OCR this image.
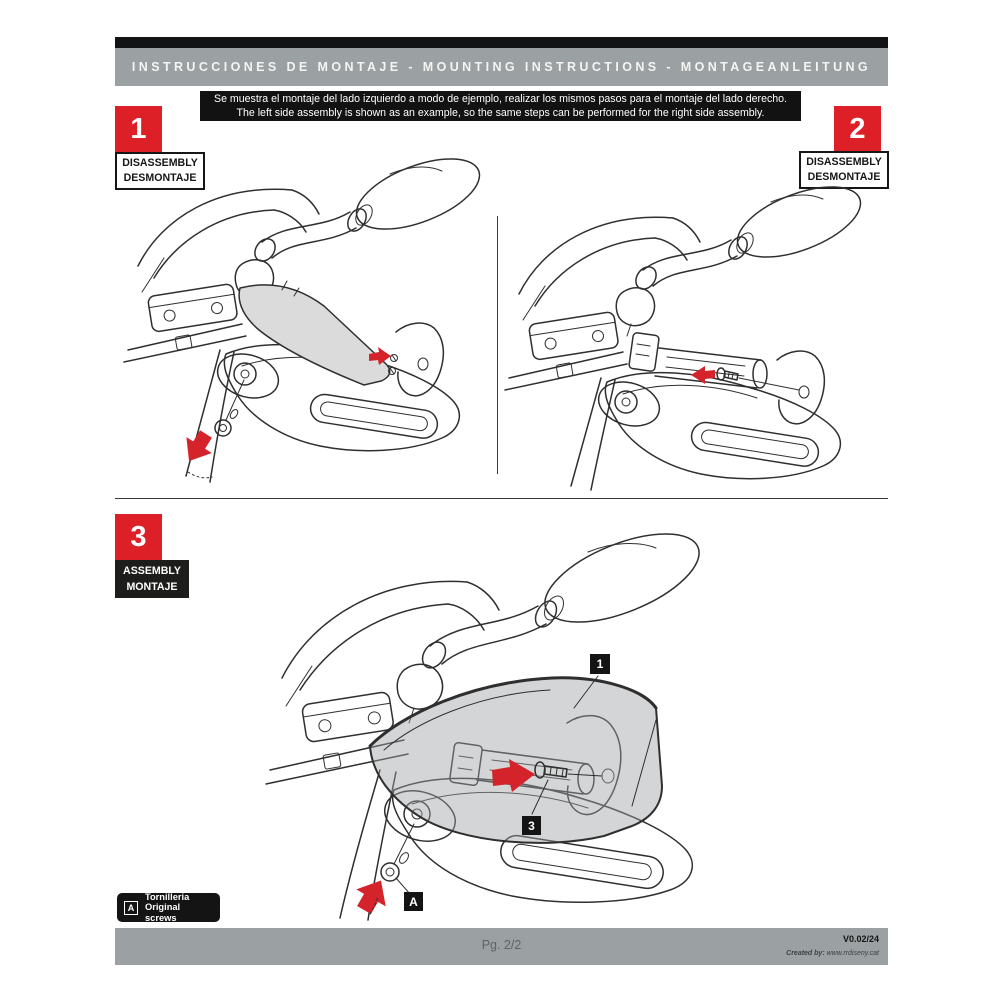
INSTRUCCIONES DE MONTAJE - MOUNTING INSTRUCTIONS - MONTAGEANLEITUNG
Se muestra el montaje del lado izquierdo a modo de ejemplo, realizar los mismos pasos para el montaje del lado derecho.
The left side assembly is shown as an example, so the same steps can be performed for the right side assembly.
1
DISASSEMBLY
DESMONTAJE
2
DISASSEMBLY
DESMONTAJE
3
ASSEMBLY
MONTAJE
1
3
A
A
Tornilleria
Original screws
Pg. 2/2	V0.02/24
Created by: www.rrdiseny.cat
